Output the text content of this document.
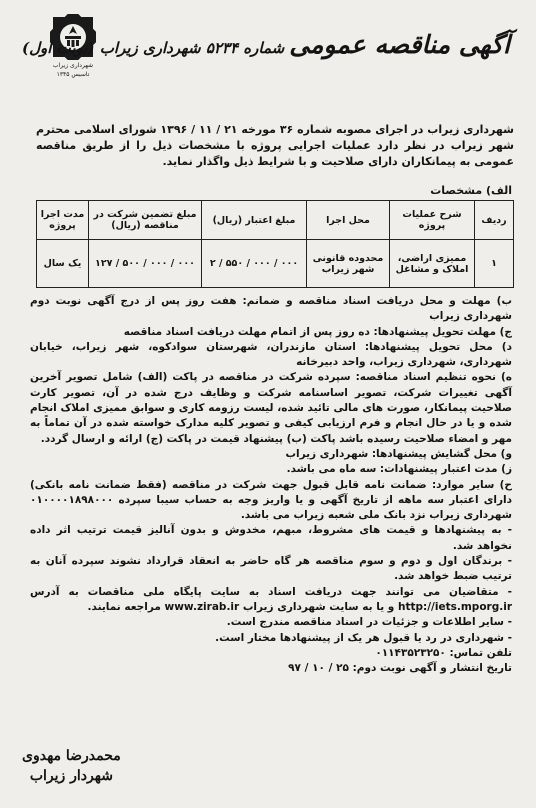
شهرداری زیراب
تاسیس ۱۳۴۵
آگهی مناقصه عمومی شماره ۵۲۳۴ شهرداری زیراب (نوبت اول)
شهرداری زیراب در اجرای مصوبه شماره ۳۶ مورخه ۲۱ / ۱۱ / ۱۳۹۶ شورای اسلامی محترم شهر زیراب در نظر دارد عملیات اجرایی پروژه با مشخصات ذیل را از طریق مناقصه عمومی به پیمانکاران دارای صلاحیت و با شرایط ذیل واگذار نماید.
الف) مشخصات
ردیف	شرح عملیات پروژه	محل اجرا	مبلغ اعتبار (ریال)	مبلغ تضمین شرکت در مناقصه (ریال)	مدت اجرا پروژه
۱	ممیزی اراضی، املاک و مشاغل	محدوده قانونی شهر زیراب	۰۰۰ / ۰۰۰ / ۵۵۰ / ۲	۰۰۰ / ۰۰۰ / ۵۰۰ / ۱۲۷	یک سال

ب) مهلت و محل دریافت اسناد مناقصه و ضمانم: هفت روز پس از درج آگهی نوبت دوم شهرداری زیراب

ج) مهلت تحویل پیشنهادها: ده روز پس از اتمام مهلت دریافت اسناد مناقصه

د) محل تحویل پیشنهادها: استان مازندران، شهرستان سوادکوه، شهر زیراب، خیابان شهرداری، شهرداری زیراب، واحد دبیرخانه

ه) نحوه تنظیم اسناد مناقصه: سپرده شرکت در مناقصه در پاکت (الف) شامل تصویر آخرین آگهی تغییرات شرکت، تصویر اساسنامه شرکت و وظایف درج شده در آن، تصویر کارت صلاحیت پیمانکار، صورت های مالی تائید شده، لیست رزومه کاری و سوابق ممیزی املاک انجام شده و یا در حال انجام و فرم ارزیابی کیفی و تصویر کلیه مدارک خواسته شده در آن تماماً به مهر و امضاء صلاحیت رسیده باشد پاکت (ب) پیشنهاد قیمت در پاکت (ج) ارائه و ارسال گردد.

و) محل گشایش پیشنهادها: شهرداری زیراب

ز) مدت اعتبار پیشنهادات: سه ماه می باشد.

ح) سایر موارد: ضمانت نامه قابل قبول جهت شرکت در مناقصه (فقط ضمانت نامه بانکی) دارای اعتبار سه ماهه از تاریخ آگهی و یا واریز وجه به حساب سیبا سپرده ۰۱۰۰۰۰۱۸۹۸۰۰۰ شهرداری زیراب نزد بانک ملی شعبه زیراب می باشد.

- به پیشنهادها و قیمت های مشروط، مبهم، مخدوش و بدون آنالیز قیمت ترتیب اثر داده نخواهد شد.

- برندگان اول و دوم و سوم مناقصه هر گاه حاضر به انعقاد قرارداد نشوند سپرده آنان به ترتیب ضبط خواهد شد.

- متقاضیان می توانند جهت دریافت اسناد به سایت پایگاه ملی مناقصات به آدرس http://iets.mporg.ir و یا به سایت شهرداری زیراب www.zirab.ir مراجعه نمایند.

- سایر اطلاعات و جزئیات در اسناد مناقصه مندرج است.

- شهرداری در رد یا قبول هر یک از پیشنهادها مختار است.

تلفن تماس: ۰۱۱۴۳۵۲۳۲۵۰

تاریخ انتشار و آگهی نوبت دوم: ۲۵ / ۱۰ / ۹۷

محمدرضا مهدوی
شهردار زیراب
